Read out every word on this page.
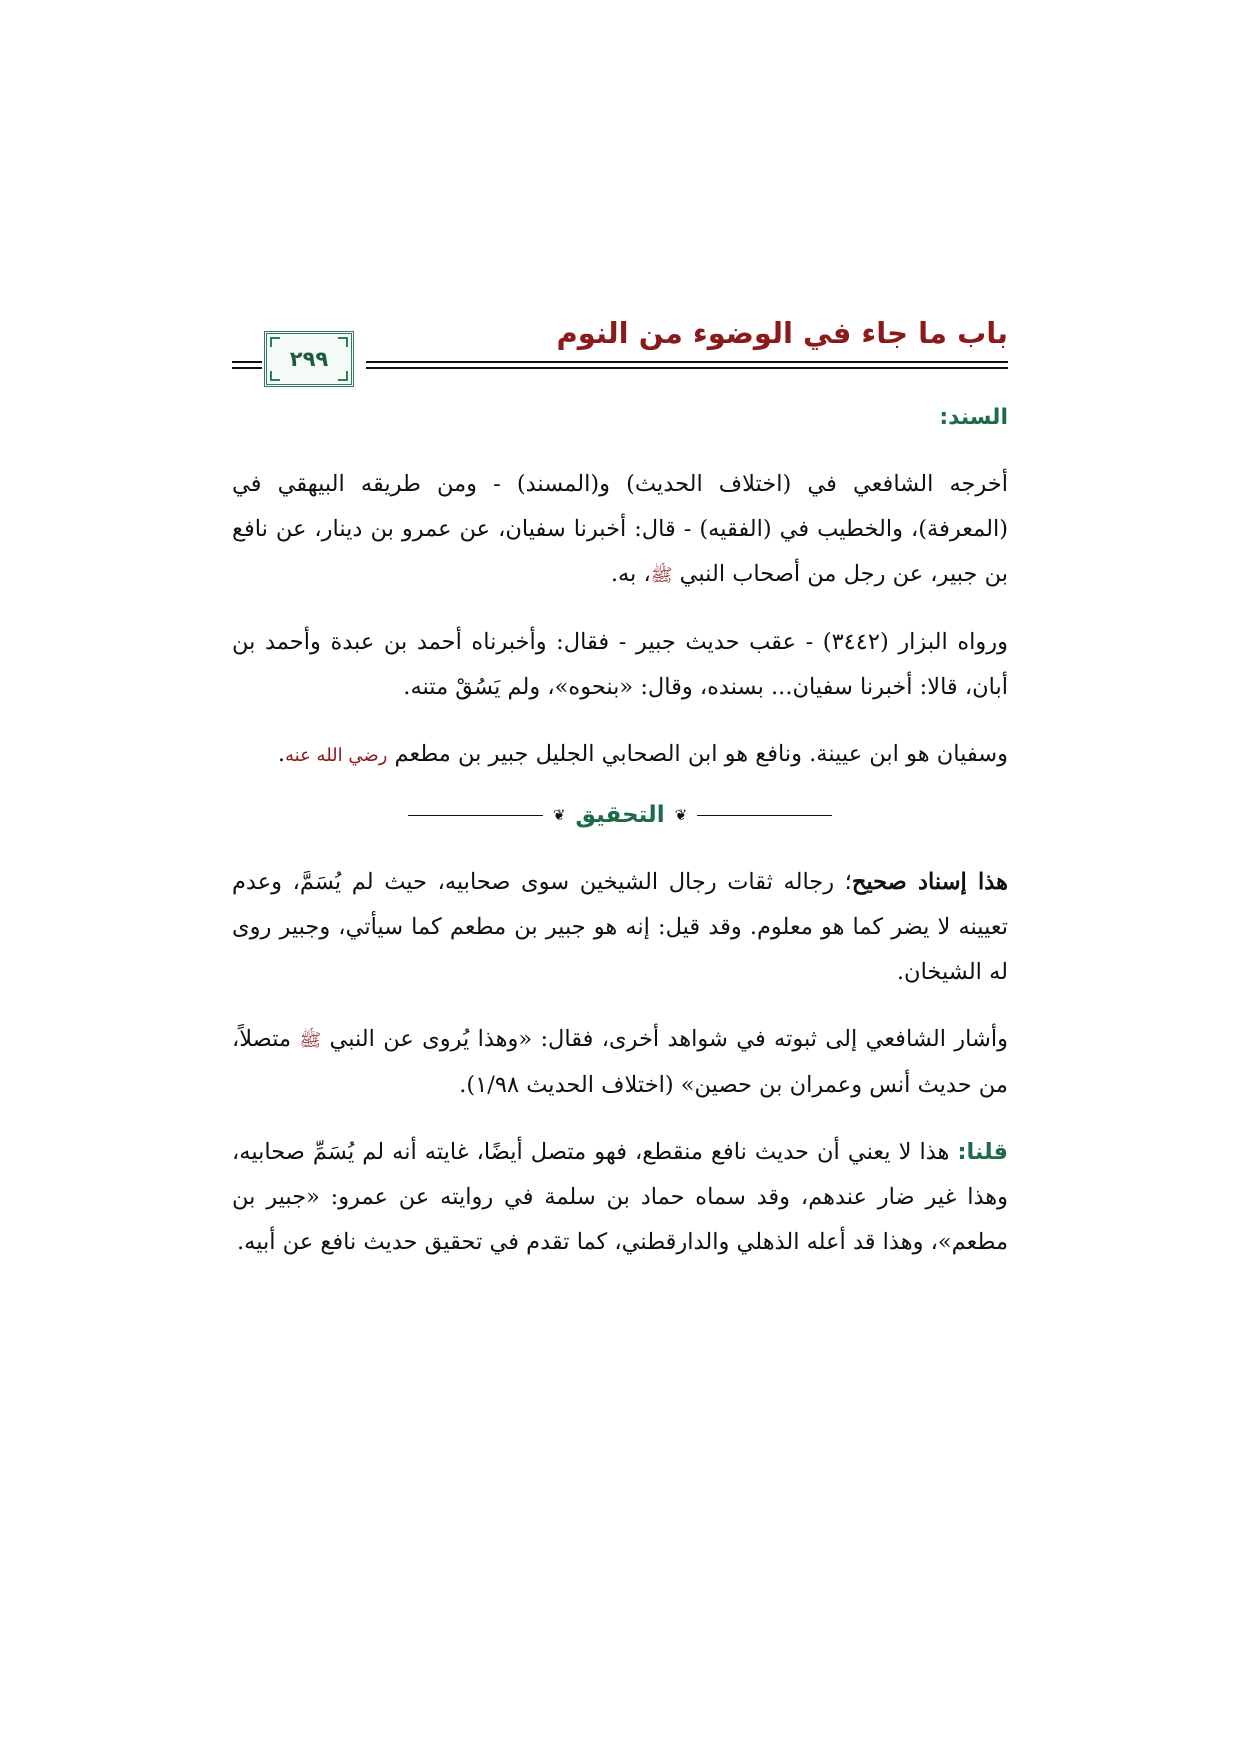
باب ما جاء في الوضوء من النوم
٢٩٩
السند:

أخرجه الشافعي في (اختلاف الحديث) و(المسند) - ومن طريقه البيهقي في (المعرفة)، والخطيب في (الفقيه) - قال: أخبرنا سفيان، عن عمرو بن دينار، عن نافع بن جبير، عن رجل من أصحاب النبي ﷺ، به.

ورواه البزار (٣٤٤٢) - عقب حديث جبير - فقال: وأخبرناه أحمد بن عبدة وأحمد بن أبان، قالا: أخبرنا سفيان... بسنده، وقال: «بنحوه»، ولم يَسُقْ متنه.

وسفيان هو ابن عيينة. ونافع هو ابن الصحابي الجليل جبير بن مطعم رضي الله عنه.

❦
التحقيق
❦

هذا إسناد صحيح؛ رجاله ثقات رجال الشيخين سوى صحابيه، حيث لم يُسَمَّ، وعدم تعيينه لا يضر كما هو معلوم. وقد قيل: إنه هو جبير بن مطعم كما سيأتي، وجبير روى له الشيخان.

وأشار الشافعي إلى ثبوته في شواهد أخرى، فقال: «وهذا يُروى عن النبي ﷺ متصلاً، من حديث أنس وعمران بن حصين» (اختلاف الحديث ١/٩٨).

قلنا: هذا لا يعني أن حديث نافع منقطع، فهو متصل أيضًا، غايته أنه لم يُسَمِّ صحابيه، وهذا غير ضار عندهم، وقد سماه حماد بن سلمة في روايته عن عمرو: «جبير بن مطعم»، وهذا قد أعله الذهلي والدارقطني، كما تقدم في تحقيق حديث نافع عن أبيه.
